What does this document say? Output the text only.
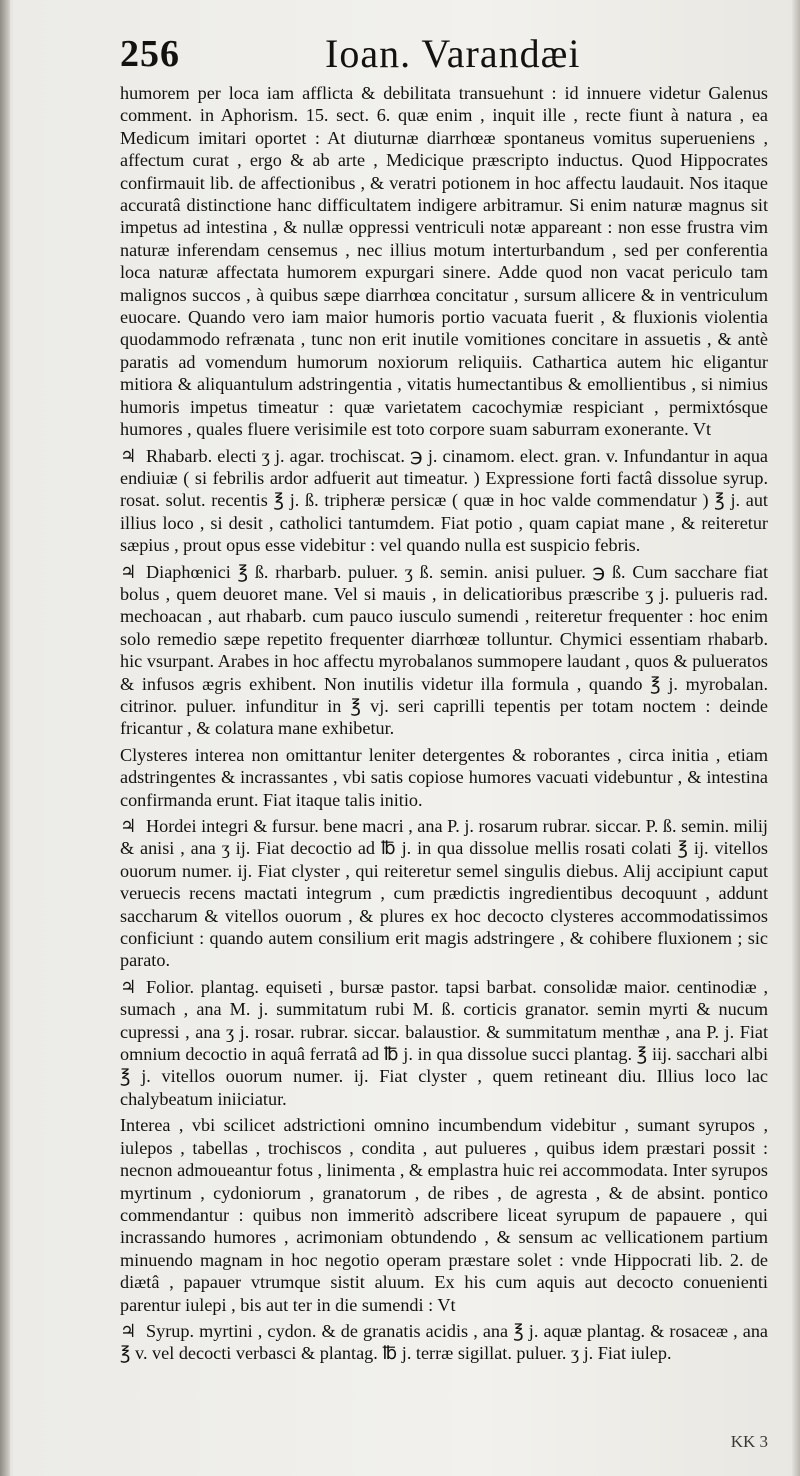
256	Ioan. Varandæi

humorem per loca iam afflicta & debilitata transuehunt : id innuere videtur Galenus comment. in Aphorism. 15. sect. 6. quæ enim , inquit ille , recte fiunt à natura , ea Medicum imitari oportet : At diuturnæ diarrhœæ spontaneus vomitus superueniens , affectum curat , ergo & ab arte , Medicique præscripto inductus. Quod Hippocrates confirmauit lib. de affectionibus , & veratri potionem in hoc affectu laudauit. Nos itaque accuratâ distinctione hanc difficultatem indigere arbitramur. Si enim naturæ magnus sit impetus ad intestina , & nullæ oppressi ventriculi notæ appareant : non esse frustra vim naturæ inferendam censemus , nec illius motum interturbandum , sed per conferentia loca naturæ affectata humorem expurgari sinere. Adde quod non vacat periculo tam malignos succos , à quibus sæpe diarrhœa concitatur , sursum allicere & in ventriculum euocare. Quando vero iam maior humoris portio vacuata fuerit , & fluxionis violentia quodammodo refrænata , tunc non erit inutile vomitiones concitare in assuetis , & antè paratis ad vomendum humorum noxiorum reliquiis. Cathartica autem hic eligantur mitiora & aliquantulum adstringentia , vitatis humectantibus & emollientibus , si nimius humoris impetus timeatur : quæ varietatem cacochymiæ respiciant , permixtósque humores , quales fluere verisimile est toto corpore suam saburram exonerante. Vt

♃ Rhabarb. electi ʒ j. agar. trochiscat. ℈ j. cinamom. elect. gran. v. Infundantur in aqua endiuiæ ( si febrilis ardor adfuerit aut timeatur. ) Expressione forti factâ dissolue syrup. rosat. solut. recentis ℥ j. ß. tripheræ persicæ ( quæ in hoc valde commendatur ) ℥ j. aut illius loco , si desit , catholici tantumdem. Fiat potio , quam capiat mane , & reiteretur sæpius , prout opus esse videbitur : vel quando nulla est suspicio febris.

♃ Diaphœnici ℥ ß. rharbarb. puluer. ʒ ß. semin. anisi puluer. ℈ ß. Cum sacchare fiat bolus , quem deuoret mane. Vel si mauis , in delicatioribus præscribe ʒ j. pulueris rad. mechoacan , aut rhabarb. cum pauco iusculo sumendi , reiteretur frequenter : hoc enim solo remedio sæpe repetito frequenter diarrhœæ tolluntur. Chymici essentiam rhabarb. hic vsurpant. Arabes in hoc affectu myrobalanos summopere laudant , quos & pulueratos & infusos ægris exhibent. Non inutilis videtur illa formula , quando ℥ j. myrobalan. citrinor. puluer. infunditur in ℥ vj. seri caprilli tepentis per totam noctem : deinde fricantur , & colatura mane exhibetur.

Clysteres interea non omittantur leniter detergentes & roborantes , circa initia , etiam adstringentes & incrassantes , vbi satis copiose humores vacuati videbuntur , & intestina confirmanda erunt. Fiat itaque talis initio.

♃ Hordei integri & fursur. bene macri , ana P. j. rosarum rubrar. siccar. P. ß. semin. milij & anisi , ana ʒ ij. Fiat decoctio ad ℔ j. in qua dissolue mellis rosati colati ℥ ij. vitellos ouorum numer. ij. Fiat clyster , qui reiteretur semel singulis diebus. Alij accipiunt caput veruecis recens mactati integrum , cum prædictis ingredientibus decoquunt , addunt saccharum & vitellos ouorum , & plures ex hoc decocto clysteres accommodatissimos conficiunt : quando autem consilium erit magis adstringere , & cohibere fluxionem ; sic parato.

♃ Folior. plantag. equiseti , bursæ pastor. tapsi barbat. consolidæ maior. centinodiæ , sumach , ana M. j. summitatum rubi M. ß. corticis granator. semin myrti & nucum cupressi , ana ʒ j. rosar. rubrar. siccar. balaustior. & summitatum menthæ , ana P. j. Fiat omnium decoctio in aquâ ferratâ ad ℔ j. in qua dissolue succi plantag. ℥ iij. sacchari albi ℥ j. vitellos ouorum numer. ij. Fiat clyster , quem retineant diu. Illius loco lac chalybeatum iniiciatur.

Interea , vbi scilicet adstrictioni omnino incumbendum videbitur , sumant syrupos , iulepos , tabellas , trochiscos , condita , aut pulueres , quibus idem præstari possit : necnon admoueantur fotus , linimenta , & emplastra huic rei accommodata. Inter syrupos myrtinum , cydoniorum , granatorum , de ribes , de agresta , & de absint. pontico commendantur : quibus non immeritò adscribere liceat syrupum de papauere , qui incrassando humores , acrimoniam obtundendo , & sensum ac vellicationem partium minuendo magnam in hoc negotio operam præstare solet : vnde Hippocrati lib. 2. de diætâ , papauer vtrumque sistit aluum. Ex his cum aquis aut decocto conuenienti parentur iulepi , bis aut ter in die sumendi : Vt

♃ Syrup. myrtini , cydon. & de granatis acidis , ana ℥ j. aquæ plantag. & rosaceæ , ana ℥ v. vel decocti verbasci & plantag. ℔ j. terræ sigillat. puluer. ʒ j. Fiat iulep.

KK 3
